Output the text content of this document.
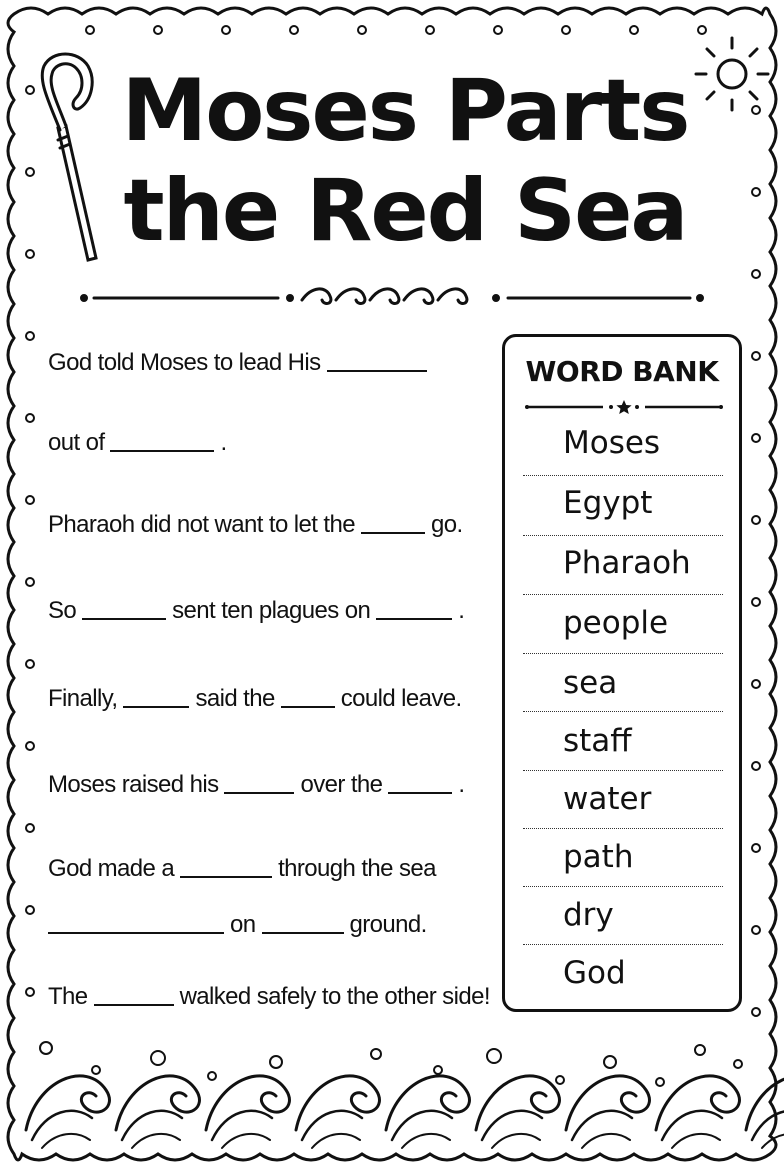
Moses Parts
the Red Sea

God told Moses to lead His

out of	.

Pharaoh did not want to let the	go.

So	sent ten plagues on	.

Finally,	said the	could leave.

Moses raised his	over the	.

God made a	through the sea

on	ground.

The	walked safely to the other side!

WORD BANK
Moses
Egypt
Pharaoh
people
sea
staff
water
path
dry
God
